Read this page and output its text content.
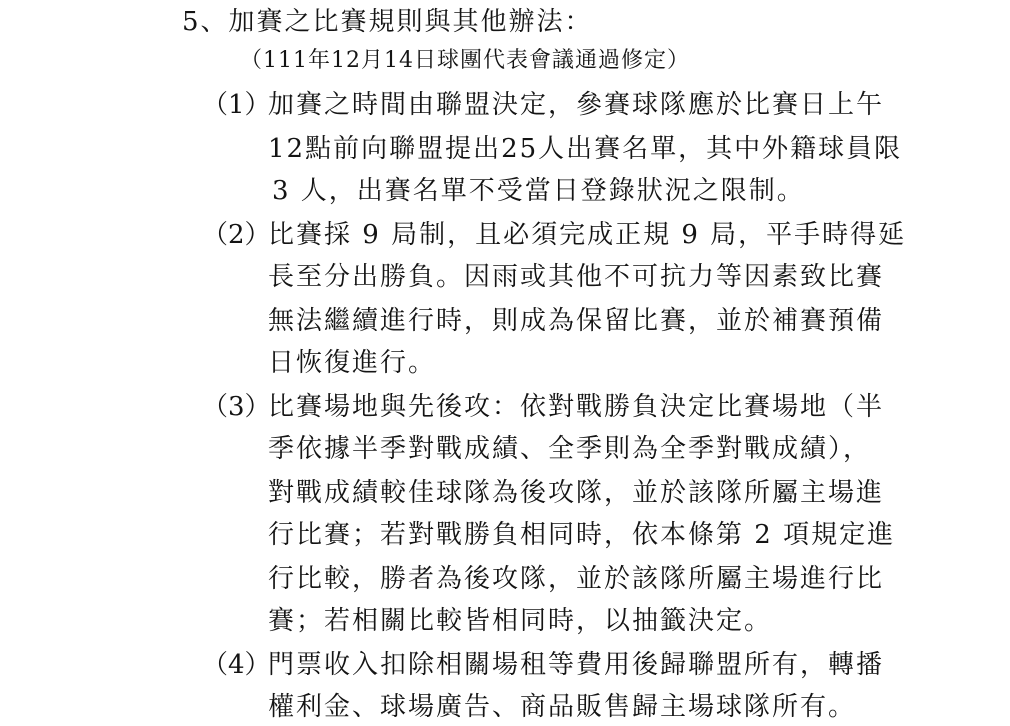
5、加賽之比賽規則與其他辦法：
（111年12月14日球團代表會議通過修定）
（1）
加賽之時間由聯盟決定，參賽球隊應於比賽日上午
12點前向聯盟提出25人出賽名單，其中外籍球員限
3 人，出賽名單不受當日登錄狀況之限制。
（2）
比賽採 9 局制，且必須完成正規 9 局，平手時得延
長至分出勝負。因雨或其他不可抗力等因素致比賽
無法繼續進行時，則成為保留比賽，並於補賽預備
日恢復進行。
（3）
比賽場地與先後攻：依對戰勝負決定比賽場地（半
季依據半季對戰成績、全季則為全季對戰成績），
對戰成績較佳球隊為後攻隊，並於該隊所屬主場進
行比賽；若對戰勝負相同時，依本條第 2 項規定進
行比較，勝者為後攻隊，並於該隊所屬主場進行比
賽；若相關比較皆相同時，以抽籤決定。
（4）
門票收入扣除相關場租等費用後歸聯盟所有，轉播
權利金、球場廣告、商品販售歸主場球隊所有。
